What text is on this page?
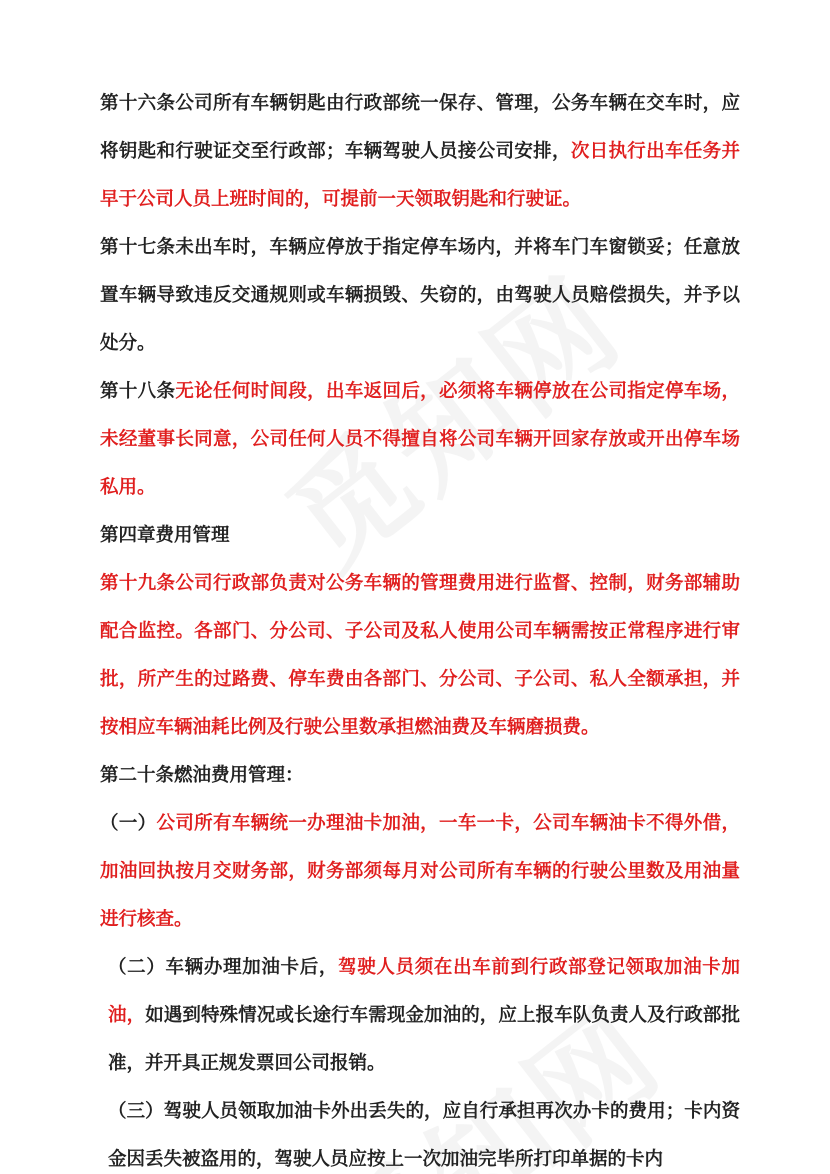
第十六条公司所有车辆钥匙由行政部统一保存、管理，公务车辆在交车时，应将钥匙和行驶证交至行政部；车辆驾驶人员接公司安排，次日执行出车任务并早于公司人员上班时间的，可提前一天领取钥匙和行驶证。

第十七条未出车时，车辆应停放于指定停车场内，并将车门车窗锁妥；任意放置车辆导致违反交通规则或车辆损毁、失窃的，由驾驶人员赔偿损失，并予以处分。

第十八条无论任何时间段，出车返回后，必须将车辆停放在公司指定停车场，未经董事长同意，公司任何人员不得擅自将公司车辆开回家存放或开出停车场私用。

第四章费用管理

第十九条公司行政部负责对公务车辆的管理费用进行监督、控制，财务部辅助配合监控。各部门、分公司、子公司及私人使用公司车辆需按正常程序进行审批，所产生的过路费、停车费由各部门、分公司、子公司、私人全额承担，并按相应车辆油耗比例及行驶公里数承担燃油费及车辆磨损费。

第二十条燃油费用管理：

（一）公司所有车辆统一办理油卡加油，一车一卡，公司车辆油卡不得外借，加油回执按月交财务部，财务部须每月对公司所有车辆的行驶公里数及用油量进行核查。

（二）车辆办理加油卡后，驾驶人员须在出车前到行政部登记领取加油卡加油，如遇到特殊情况或长途行车需现金加油的，应上报车队负责人及行政部批准，并开具正规发票回公司报销。

（三）驾驶人员领取加油卡外出丢失的，应自行承担再次办卡的费用；卡内资金因丢失被盗用的，驾驶人员应按上一次加油完毕所打印单据的卡内
